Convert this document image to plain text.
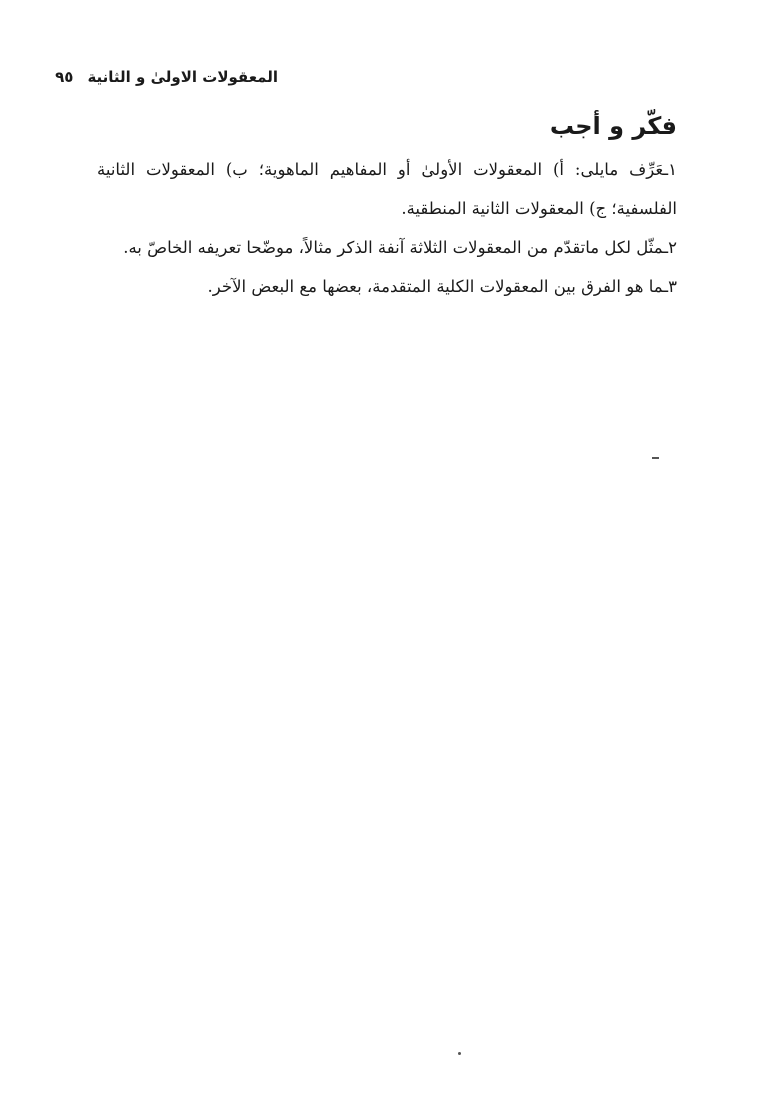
المعقولات الاولیٰ و الثانیة
٩٥
فکّر و أجب

١ـعَرِّف مایلی: أ) المعقولات الأولیٰ أو المفاهیم الماهویة؛ ب) المعقولات الثانیة الفلسفیة؛ ج) المعقولات الثانیة المنطقیة.

٢ـمثّل لکل ماتقدّم من المعقولات الثلاثة آنفة الذکر مثالاً، موضّحا تعریفه الخاصّ به.

٣ـما هو الفرق بین المعقولات الکلیة المتقدمة، بعضها مع البعض الآخر.
